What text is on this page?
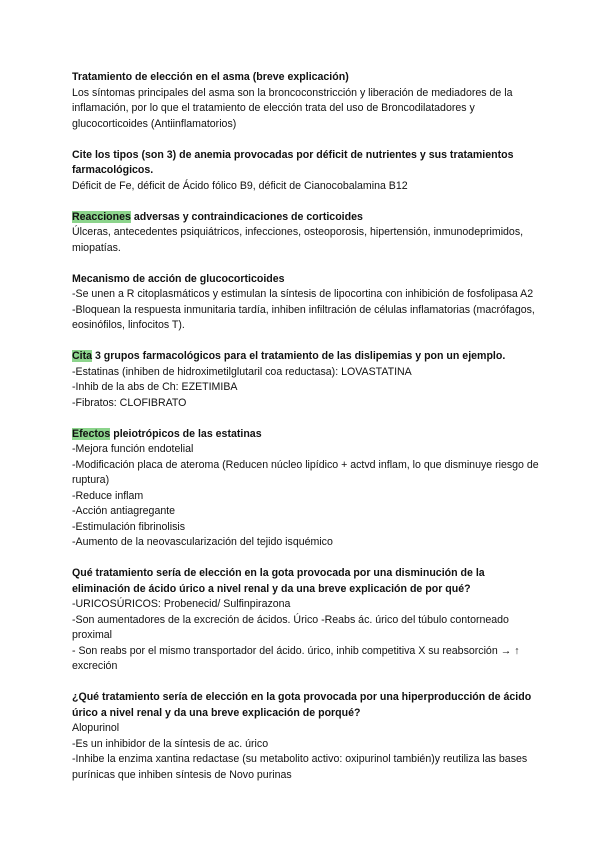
Tratamiento de elección en el asma (breve explicación)
Los síntomas principales del asma son la broncoconstricción y liberación de mediadores de la inflamación, por lo que el tratamiento de elección trata del uso de Broncodilatadores y glucocorticoides (Antiinflamatorios)
Cite los tipos (son 3) de anemia provocadas por déficit de nutrientes y sus tratamientos farmacológicos.
Déficit de Fe, déficit de Ácido fólico B9, déficit de Cianocobalamina B12
Reacciones adversas y contraindicaciones de corticoides
Úlceras, antecedentes psiquiátricos, infecciones, osteoporosis, hipertensión, inmunodeprimidos, miopatías.
Mecanismo de acción de glucocorticoides
-Se unen a R citoplasmáticos y estimulan la síntesis de lipocortina con inhibición de fosfolipasa A2
-Bloquean la respuesta inmunitaria tardía, inhiben infiltración de células inflamatorias (macrófagos, eosinófilos, linfocitos T).
Cita 3 grupos farmacológicos para el tratamiento de las dislipemias y pon un ejemplo.
-Estatinas (inhiben de hidroximetilglutaril coa reductasa): LOVASTATINA
-Inhib de la abs de Ch: EZETIMIBA
-Fibratos: CLOFIBRATO
Efectos pleiotrópicos de las estatinas
-Mejora función endotelial
-Modificación placa de ateroma (Reducen núcleo lipídico + actvd inflam, lo que disminuye riesgo de ruptura)
-Reduce inflam
-Acción antiagregante
-Estimulación fibrinolisis
-Aumento de la neovascularización del tejido isquémico
Qué tratamiento sería de elección en la gota provocada por una disminución de la eliminación de ácido úrico a nivel renal y da una breve explicación de por qué?
-URICOSÚRICOS: Probenecid/ Sulfinpirazona
-Son aumentadores de la excreción de ácidos. Úrico -Reabs ác. úrico del túbulo contorneado proximal
- Son reabs por el mismo transportador del ácido. úrico, inhib competitiva X su reabsorción → ↑ excreción
¿Qué tratamiento sería de elección en la gota provocada por una hiperproducción de ácido úrico a nivel renal y da una breve explicación de porqué?
Alopurinol
-Es un inhibidor de la síntesis de ac. úrico
-Inhibe la enzima xantina redactase (su metabolito activo: oxipurinol también)y reutiliza las bases purínicas que inhiben síntesis de Novo purinas
